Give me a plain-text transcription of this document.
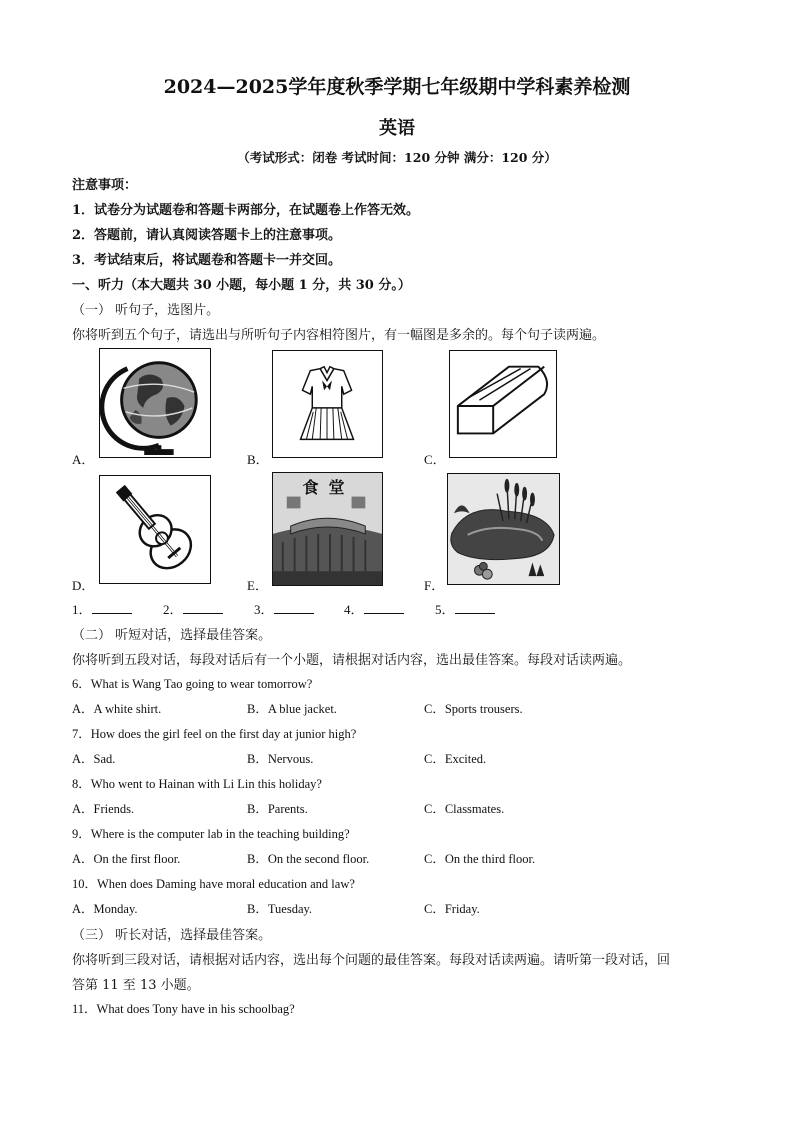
2024—2025学年度秋季学期七年级期中学科素养检测
英语
（考试形式：闭卷 考试时间：120 分钟 满分：120 分）
注意事项：
1．试卷分为试题卷和答题卡两部分，在试题卷上作答无效。
2．答题前，请认真阅读答题卡上的注意事项。
3．考试结束后，将试题卷和答题卡一并交回。
一、听力（本大题共 30 小题，每小题 1 分，共 30 分。）
（一） 听句子，选图片。
你将听到五个句子，请选出与所听句子内容相符图片，有一幅图是多余的。每个句子读两遍。
A．	B．	C．
D．	E．
食堂
F．
1．	2．	3．	4．	5．
（二） 听短对话，选择最佳答案。
你将听到五段对话，每段对话后有一个小题，请根据对话内容，选出最佳答案。每段对话读两遍。
6．What is Wang Tao going to wear tomorrow?
A．A white shirt.	B．A blue jacket.	C．Sports trousers.
7．How does the girl feel on the first day at junior high?
A．Sad.	B．Nervous.	C．Excited.
8．Who went to Hainan with Li Lin this holiday?
A．Friends.	B．Parents.	C．Classmates.
9．Where is the computer lab in the teaching building?
A．On the first floor.	B．On the second floor.	C．On the third floor.
10．When does Daming have moral education and law?
A．Monday.	B．Tuesday.	C．Friday.
（三） 听长对话，选择最佳答案。
你将听到三段对话，请根据对话内容，选出每个问题的最佳答案。每段对话读两遍。请听第一段对话，回
答第 11 至 13 小题。
11．What does Tony have in his schoolbag?
